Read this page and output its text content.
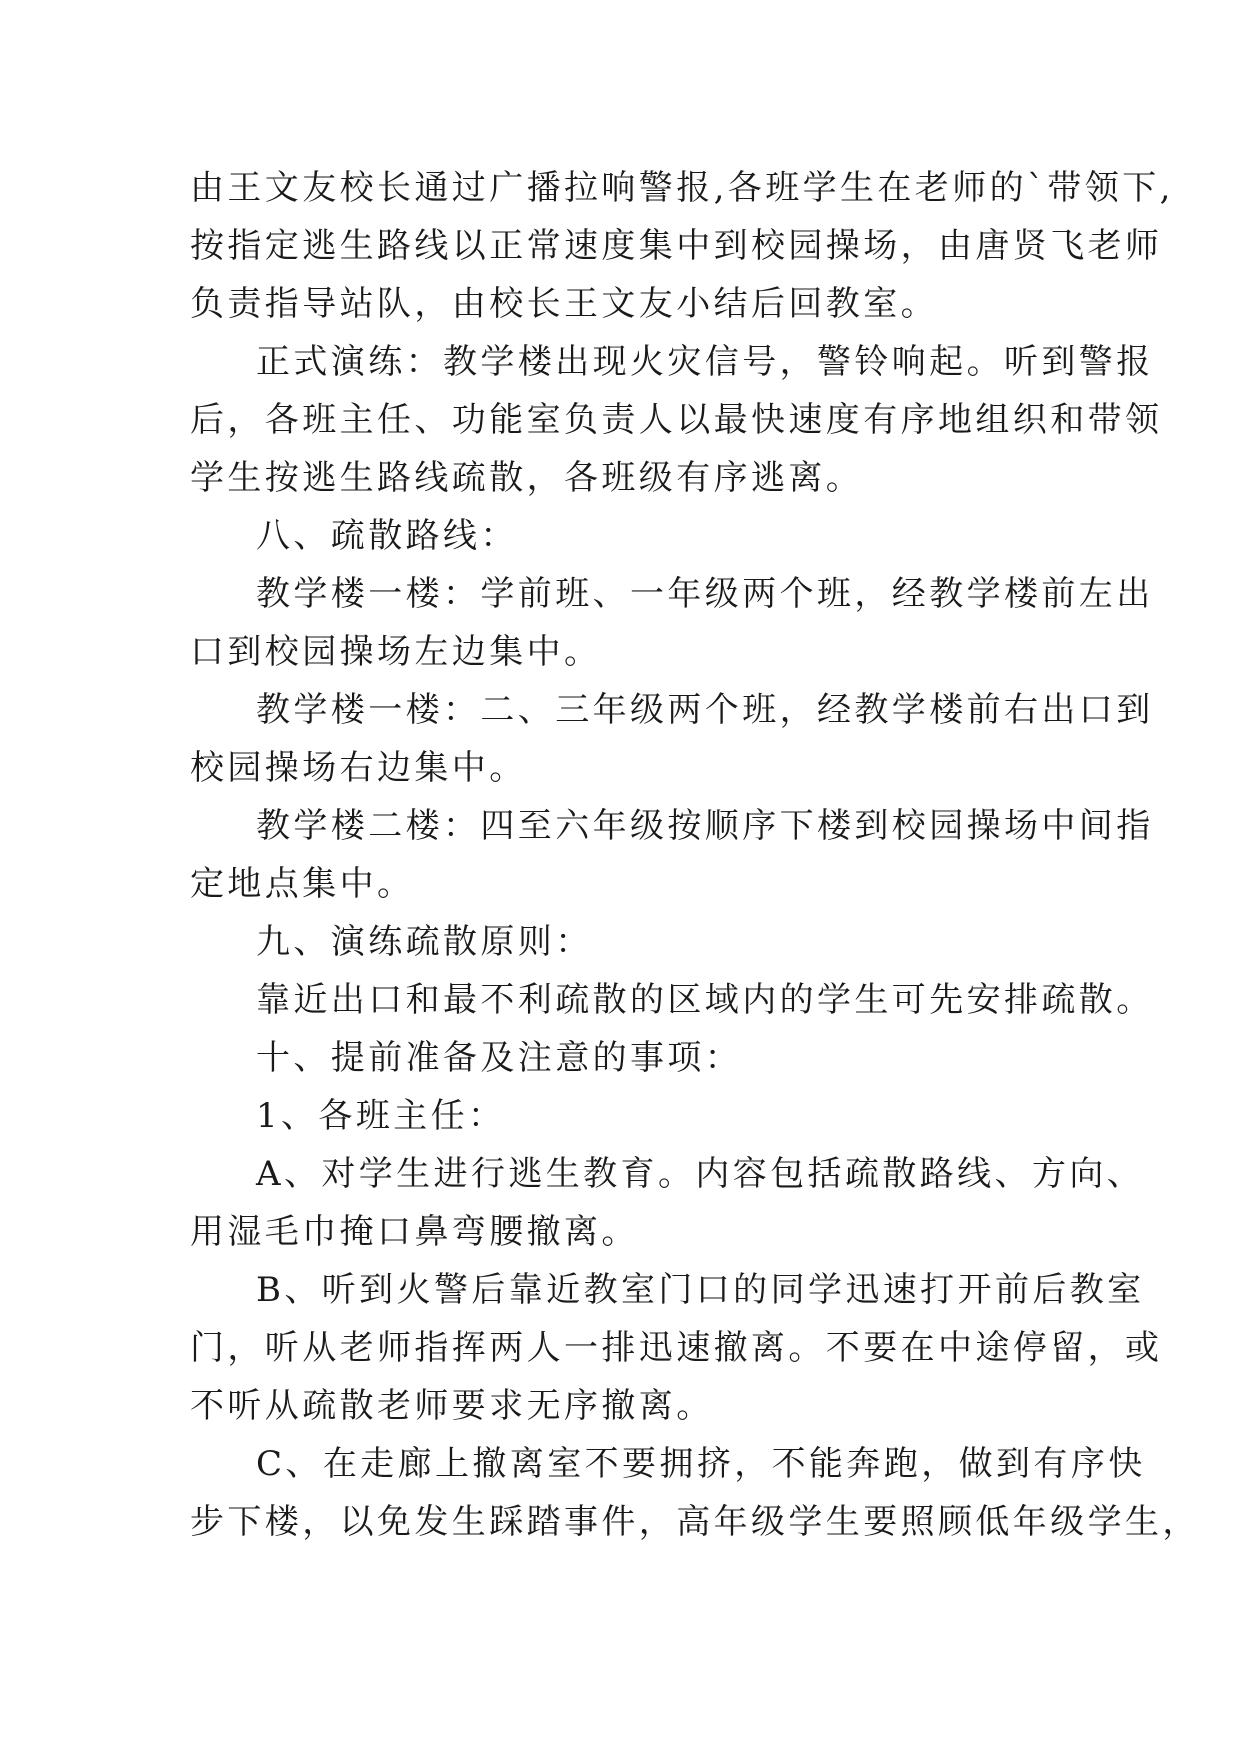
由王文友校长通过广播拉响警报,各班学生在老师的`带领下,
按指定逃生路线以正常速度集中到校园操场，由唐贤飞老师
负责指导站队，由校长王文友小结后回教室。
正式演练：教学楼出现火灾信号，警铃响起。听到警报
后，各班主任、功能室负责人以最快速度有序地组织和带领
学生按逃生路线疏散，各班级有序逃离。
八、疏散路线：
教学楼一楼：学前班、一年级两个班，经教学楼前左出
口到校园操场左边集中。
教学楼一楼：二、三年级两个班，经教学楼前右出口到
校园操场右边集中。
教学楼二楼：四至六年级按顺序下楼到校园操场中间指
定地点集中。
九、演练疏散原则：
靠近出口和最不利疏散的区域内的学生可先安排疏散。
十、提前准备及注意的事项：
1、各班主任：
A、对学生进行逃生教育。内容包括疏散路线、方向、
用湿毛巾掩口鼻弯腰撤离。
B、听到火警后靠近教室门口的同学迅速打开前后教室
门，听从老师指挥两人一排迅速撤离。不要在中途停留，或
不听从疏散老师要求无序撤离。
C、在走廊上撤离室不要拥挤，不能奔跑，做到有序快
步下楼，以免发生踩踏事件，高年级学生要照顾低年级学生，
